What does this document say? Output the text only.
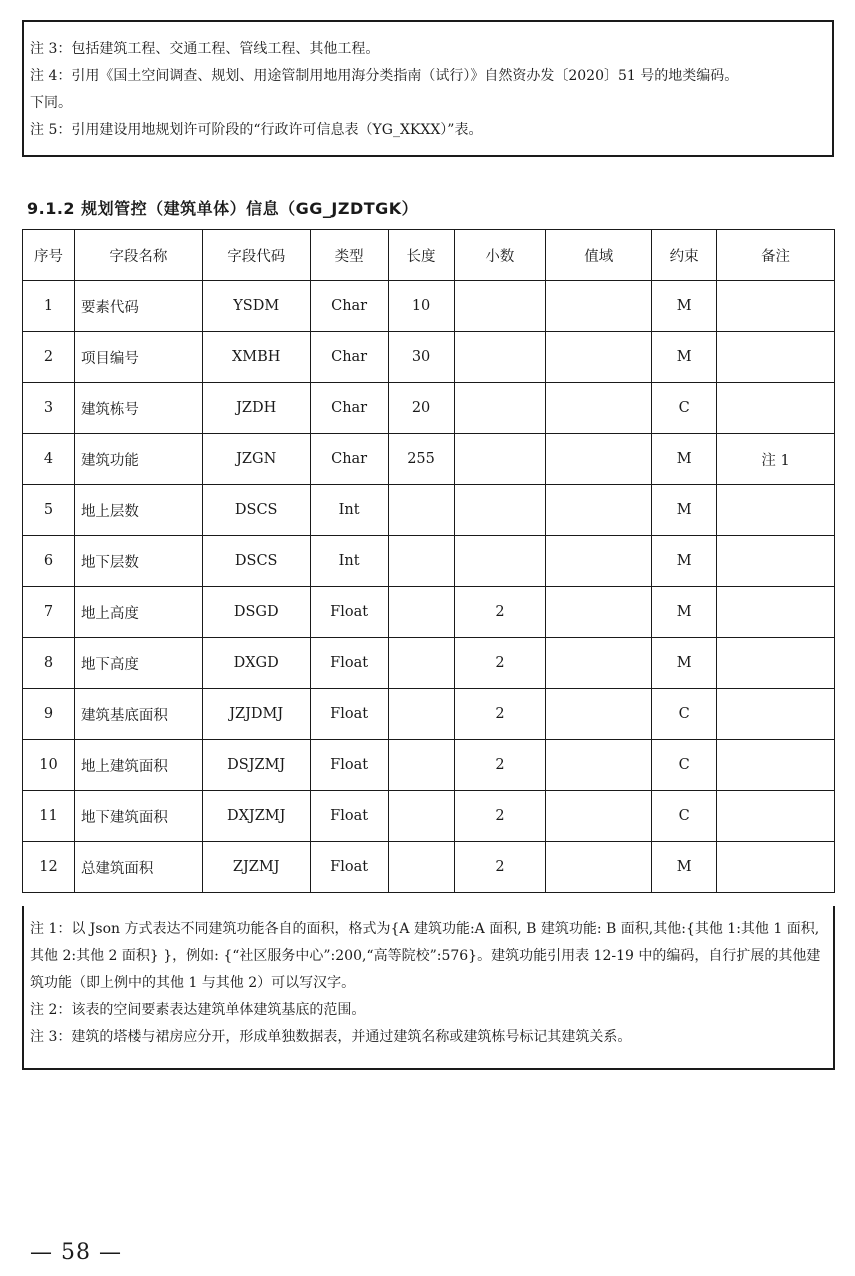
注 3：包括建筑工程、交通工程、管线工程、其他工程。

注 4：引用《国土空间调查、规划、用途管制用地用海分类指南（试行）》自然资办发〔2020〕51 号的地类编码。

下同。

注 5：引用建设用地规划许可阶段的“行政许可信息表（YG_XKXX）”表。

9.1.2 规划管控（建筑单体）信息（GG_JZDTGK）
序号	字段名称	字段代码	类型	长度	小数	值域	约束	备注
1	要素代码	YSDM	Char	10			M	
2	项目编号	XMBH	Char	30			M	
3	建筑栋号	JZDH	Char	20			C	
4	建筑功能	JZGN	Char	255			M	注 1
5	地上层数	DSCS	Int				M	
6	地下层数	DSCS	Int				M	
7	地上高度	DSGD	Float		2		M	
8	地下高度	DXGD	Float		2		M	
9	建筑基底面积	JZJDMJ	Float		2		C	
10	地上建筑面积	DSJZMJ	Float		2		C	
11	地下建筑面积	DXJZMJ	Float		2		C	
12	总建筑面积	ZJZMJ	Float		2		M	

注 1：以 Json 方式表达不同建筑功能各自的面积，格式为{A 建筑功能:A 面积, B 建筑功能: B 面积,其他:{其他 1:其他 1 面积,其他 2:其他 2 面积} }，例如: {“社区服务中心”:200,“高等院校”:576}。建筑功能引用表 12-19 中的编码，自行扩展的其他建筑功能（即上例中的其他 1 与其他 2）可以写汉字。

注 2：该表的空间要素表达建筑单体建筑基底的范围。

注 3：建筑的塔楼与裙房应分开，形成单独数据表，并通过建筑名称或建筑栋号标记其建筑关系。

— 58 —
